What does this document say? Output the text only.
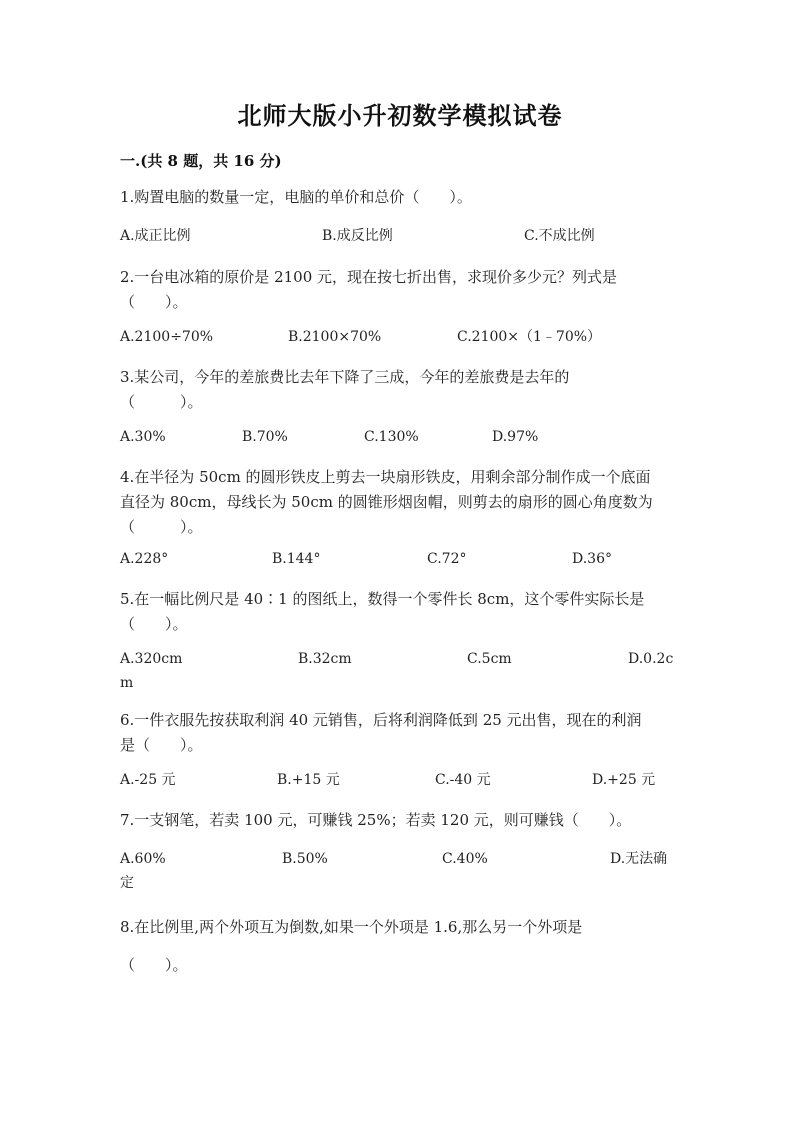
北师大版小升初数学模拟试卷
一.(共 8 题，共 16 分)
1.购置电脑的数量一定，电脑的单价和总价（　　）。
A.成正比例	B.成反比例	C.不成比例
2.一台电冰箱的原价是 2100 元，现在按七折出售，求现价多少元？列式是
（　　）。
A.2100÷70%	B.2100×70%	C.2100×（1﹣70%）
3.某公司，今年的差旅费比去年下降了三成，今年的差旅费是去年的
（　　　）。
A.30%	B.70%	C.130%	D.97%
4.在半径为 50cm 的圆形铁皮上剪去一块扇形铁皮，用剩余部分制作成一个底面
直径为 80cm，母线长为 50cm 的圆锥形烟囱帽，则剪去的扇形的圆心角度数为
（　　　）。
A.228°	B.144°	C.72°	D.36°
5.在一幅比例尺是 40∶1 的图纸上，数得一个零件长 8cm，这个零件实际长是
（　　）。
A.320cm	B.32cm	C.5cm	D.0.2c
m
6.一件衣服先按获取利润 40 元销售，后将利润降低到 25 元出售，现在的利润
是（　　）。
A.-25 元	B.+15 元	C.-40 元	D.+25 元
7.一支钢笔，若卖 100 元，可赚钱 25%；若卖 120 元，则可赚钱（　　）。
A.60%	B.50%	C.40%	D.无法确
定
8.在比例里,两个外项互为倒数,如果一个外项是 1.6,那么另一个外项是
（　　）。
